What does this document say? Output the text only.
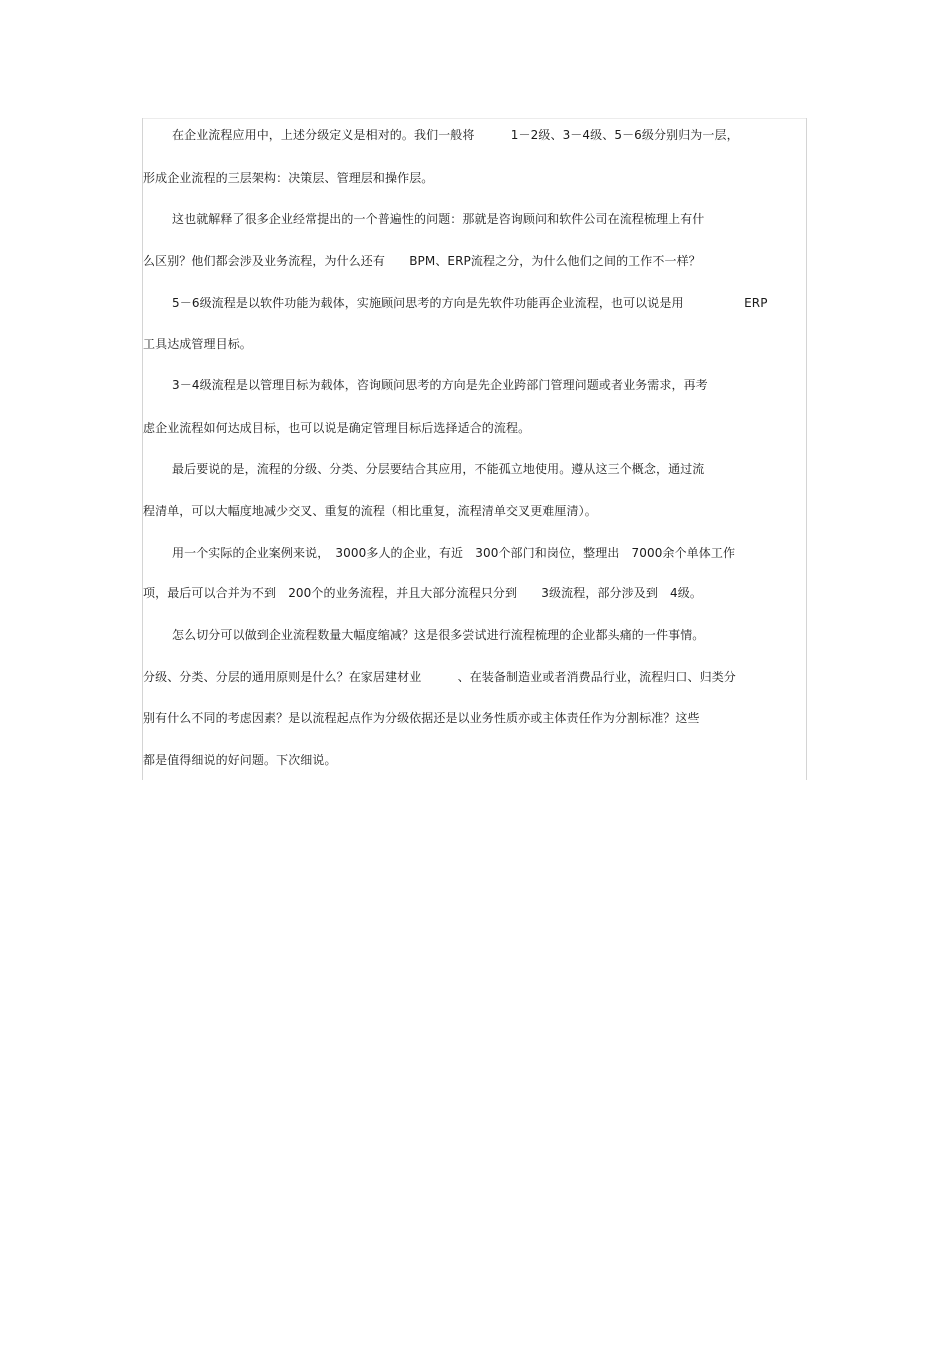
在企业流程应用中，上述分级定义是相对的。我们一般将　　　1－2级、3－4级、5－6级分别归为一层，
形成企业流程的三层架构：决策层、管理层和操作层。
这也就解释了很多企业经常提出的一个普遍性的问题：那就是咨询顾问和软件公司在流程梳理上有什
么区别？他们都会涉及业务流程，为什么还有　　BPM、ERP流程之分，为什么他们之间的工作不一样？
5－6级流程是以软件功能为载体，实施顾问思考的方向是先软件功能再企业流程，也可以说是用　　　　　ERP
工具达成管理目标。
3－4级流程是以管理目标为载体，咨询顾问思考的方向是先企业跨部门管理问题或者业务需求，再考
虑企业流程如何达成目标，也可以说是确定管理目标后选择适合的流程。
最后要说的是，流程的分级、分类、分层要结合其应用，不能孤立地使用。遵从这三个概念，通过流
程清单，可以大幅度地减少交叉、重复的流程（相比重复，流程清单交叉更难厘清）。
用一个实际的企业案例来说，　3000多人的企业，有近　300个部门和岗位，整理出　7000余个单体工作
项，最后可以合并为不到　200个的业务流程，并且大部分流程只分到　　3级流程，部分涉及到　4级。
怎么切分可以做到企业流程数量大幅度缩减？这是很多尝试进行流程梳理的企业都头痛的一件事情。
分级、分类、分层的通用原则是什么？在家居建材业　　　、在装备制造业或者消费品行业，流程归口、归类分
别有什么不同的考虑因素？是以流程起点作为分级依据还是以业务性质亦或主体责任作为分割标准？这些
都是值得细说的好问题。下次细说。
